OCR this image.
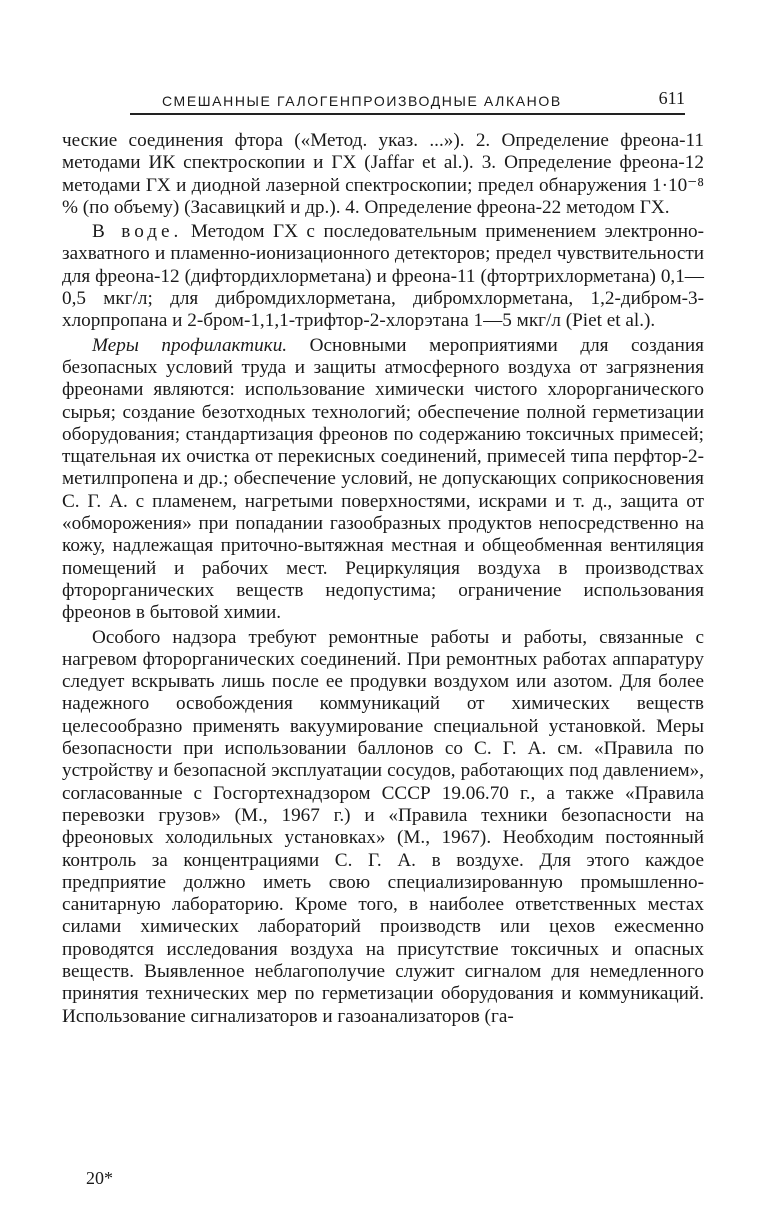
СМЕШАННЫЕ ГАЛОГЕНПРОИЗВОДНЫЕ АЛКАНОВ	611

ческие соединения фтора («Метод. указ. ...»). 2. Определение фреона-11 методами ИК спектроскопии и ГХ (Jaffar et al.). 3. Определение фреона-12 методами ГХ и диодной лазерной спектроскопии; предел обнаружения 1·10⁻⁸ % (по объему) (Засавицкий и др.). 4. Определение фреона-22 методом ГХ.

В воде. Методом ГХ с последовательным применением электронно-захватного и пламенно-ионизационного детекторов; предел чувствительности для фреона-12 (дифтордихлорметана) и фреона-11 (фтортрихлорметана) 0,1—0,5 мкг/л; для дибромдихлорметана, дибромхлорметана, 1,2-дибром-3-хлорпропана и 2-бром-1,1,1-трифтор-2-хлорэтана 1—5 мкг/л (Piet et al.).

Меры профилактики. Основными мероприятиями для создания безопасных условий труда и защиты атмосферного воздуха от загрязнения фреонами являются: использование химически чистого хлорорганического сырья; создание безотходных технологий; обеспечение полной герметизации оборудования; стандартизация фреонов по содержанию токсичных примесей; тщательная их очистка от перекисных соединений, примесей типа перфтор-2-метилпропена и др.; обеспечение условий, не допускающих соприкосновения С. Г. А. с пламенем, нагретыми поверхностями, искрами и т. д., защита от «обморожения» при попадании газообразных продуктов непосредственно на кожу, надлежащая приточно-вытяжная местная и общеобменная вентиляция помещений и рабочих мест. Рециркуляция воздуха в производствах фторорганических веществ недопустима; ограничение использования фреонов в бытовой химии.

Особого надзора требуют ремонтные работы и работы, связанные с нагревом фторорганических соединений. При ремонтных работах аппаратуру следует вскрывать лишь после ее продувки воздухом или азотом. Для более надежного освобождения коммуникаций от химических веществ целесообразно применять вакуумирование специальной установкой. Меры безопасности при использовании баллонов со С. Г. А. см. «Правила по устройству и безопасной эксплуатации сосудов, работающих под давлением», согласованные с Госгортехнадзором СССР 19.06.70 г., а также «Правила перевозки грузов» (М., 1967 г.) и «Правила техники безопасности на фреоновых холодильных установках» (М., 1967). Необходим постоянный контроль за концентрациями С. Г. А. в воздухе. Для этого каждое предприятие должно иметь свою специализированную промышленно-санитарную лабораторию. Кроме того, в наиболее ответственных местах силами химических лабораторий производств или цехов ежесменно проводятся исследования воздуха на присутствие токсичных и опасных веществ. Выявленное неблагополучие служит сигналом для немедленного принятия технических мер по герметизации оборудования и коммуникаций. Использование сигнализаторов и газоанализаторов (га-

20*
